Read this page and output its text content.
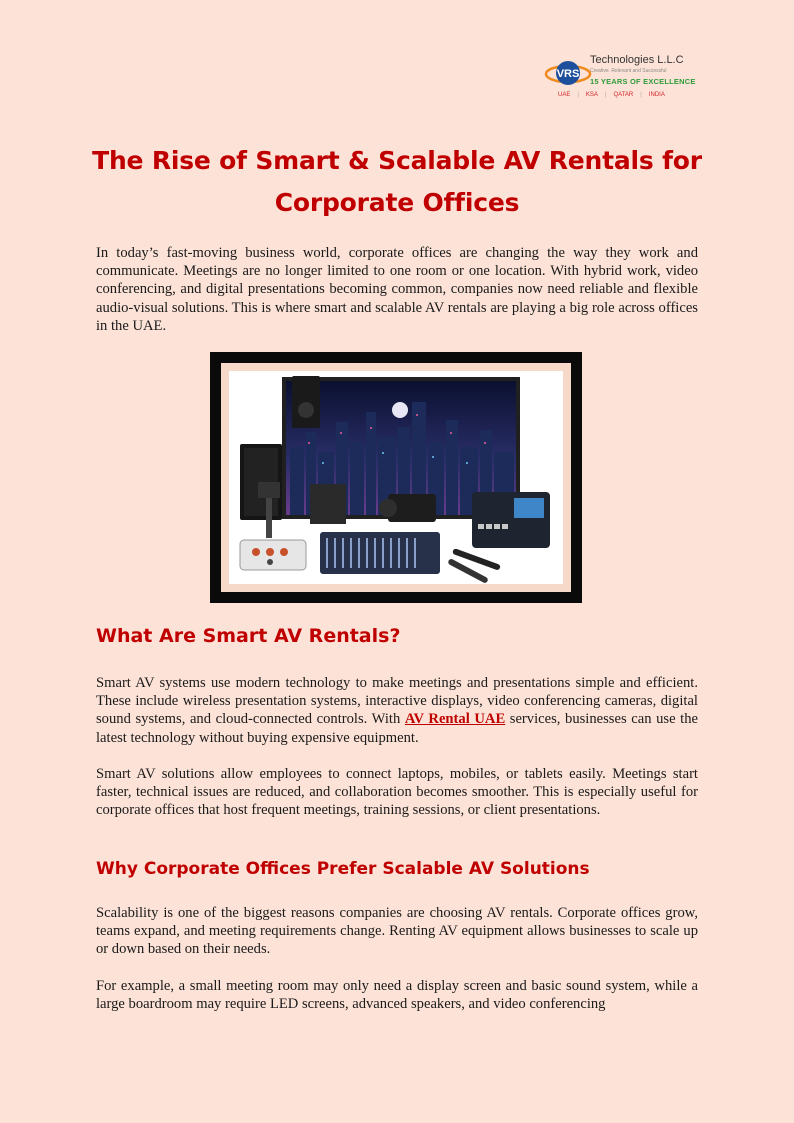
VRS
Technologies L.L.C
Creative. Relevant and Successful
15 YEARS OF EXCELLENCE
UAE | KSA | QATAR | INDIA
The Rise of Smart & Scalable AV Rentals for Corporate Offices

In today’s fast-moving business world, corporate offices are changing the way they work and communicate. Meetings are no longer limited to one room or one location. With hybrid work, video conferencing, and digital presentations becoming common, companies now need reliable and flexible audio-visual solutions. This is where smart and scalable AV rentals are playing a big role across offices in the UAE.

What Are Smart AV Rentals?

Smart AV systems use modern technology to make meetings and presentations simple and efficient. These include wireless presentation systems, interactive displays, video conferencing cameras, digital sound systems, and cloud-connected controls. With AV Rental UAE services, businesses can use the latest technology without buying expensive equipment.

Smart AV solutions allow employees to connect laptops, mobiles, or tablets easily. Meetings start faster, technical issues are reduced, and collaboration becomes smoother. This is especially useful for corporate offices that host frequent meetings, training sessions, or client presentations.

Why Corporate Offices Prefer Scalable AV Solutions

Scalability is one of the biggest reasons companies are choosing AV rentals. Corporate offices grow, teams expand, and meeting requirements change. Renting AV equipment allows businesses to scale up or down based on their needs.

For example, a small meeting room may only need a display screen and basic sound system, while a large boardroom may require LED screens, advanced speakers, and video conferencing
